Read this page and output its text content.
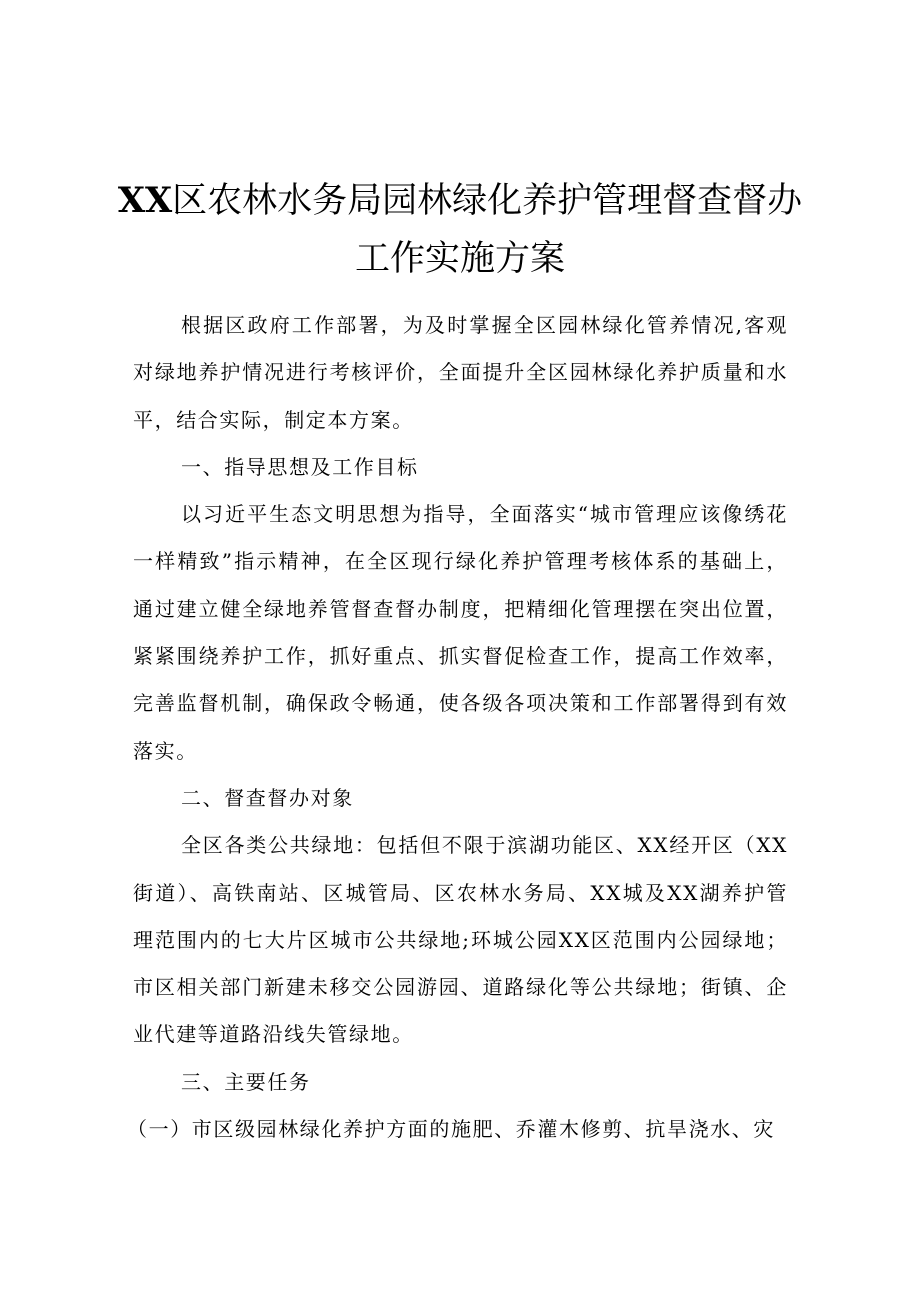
XX区农林水务局园林绿化养护管理督查督办
工作实施方案

根据区政府工作部署，为及时掌握全区园林绿化管养情况,客观对绿地养护情况进行考核评价，全面提升全区园林绿化养护质量和水平，结合实际，制定本方案。

一、指导思想及工作目标

以习近平生态文明思想为指导，全面落实“城市管理应该像绣花一样精致”指示精神，在全区现行绿化养护管理考核体系的基础上，通过建立健全绿地养管督查督办制度，把精细化管理摆在突出位置，紧紧围绕养护工作，抓好重点、抓实督促检查工作，提高工作效率，完善监督机制，确保政令畅通，使各级各项决策和工作部署得到有效落实。

二、督查督办对象

全区各类公共绿地：包括但不限于滨湖功能区、XX经开区（XX街道）、高铁南站、区城管局、区农林水务局、XX城及XX湖养护管理范围内的七大片区城市公共绿地;环城公园XX区范围内公园绿地；市区相关部门新建未移交公园游园、道路绿化等公共绿地；街镇、企业代建等道路沿线失管绿地。

三、主要任务

（一）市区级园林绿化养护方面的施肥、乔灌木修剪、抗旱浇水、灾
